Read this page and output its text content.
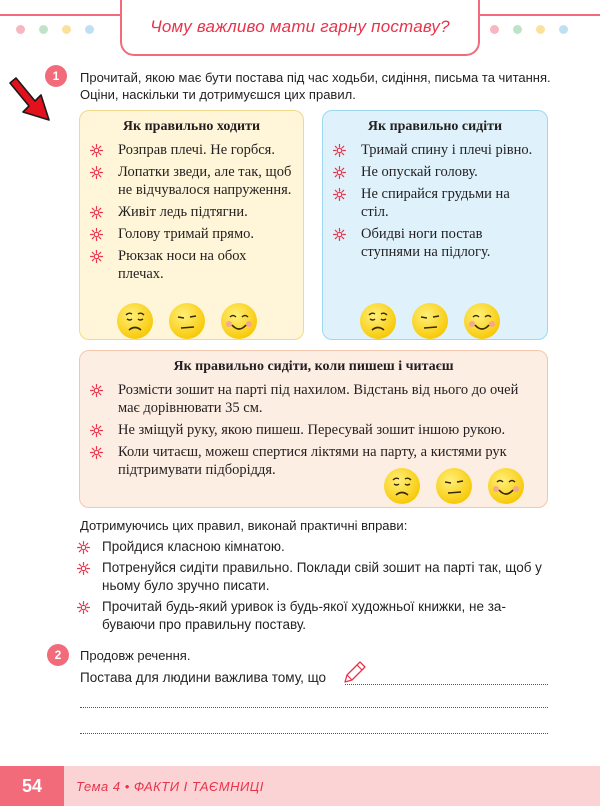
Чому важливо мати гарну поставу?
1	Прочитай, якою має бути постава під час ходьби, сидіння, письма та читання. Оціни, наскільки ти дотримуєшся цих правил.
Як правильно ходити
Розправ плечі. Не горбся.
Лопатки зведи, але так, щоб не відчувалося напруження.
Живіт ледь підтягни.
Голову тримай прямо.
Рюкзак носи на обох плечах.
Як правильно сидіти
Тримай спину і плечі рівно.
Не опускай голову.
Не спирайся грудьми на стіл.
Обидві ноги постав ступнями на підлогу.
Як правильно сидіти, коли пишеш і читаєш
Розмісти зошит на парті під нахилом. Відстань від нього до очей має дорівнювати 35 см.
Не зміщуй руку, якою пишеш. Пересувай зошит іншою рукою.
Коли читаєш, можеш спертися ліктями на парту, а кистями рук підтримувати підборіддя.
Дотримуючись цих правил, виконай практичні вправи:
Пройдися класною кімнатою.
Потренуйся сидіти правильно. Поклади свій зошит на парті так, щоб у ньому було зручно писати.
Прочитай будь-який уривок із будь-якої художньої книжки, не забуваючи про правильну поставу.
2	Продовж речення.
Постава для людини важлива тому, що
54	Тема 4 • ФАКТИ І ТАЄМНИЦІ
